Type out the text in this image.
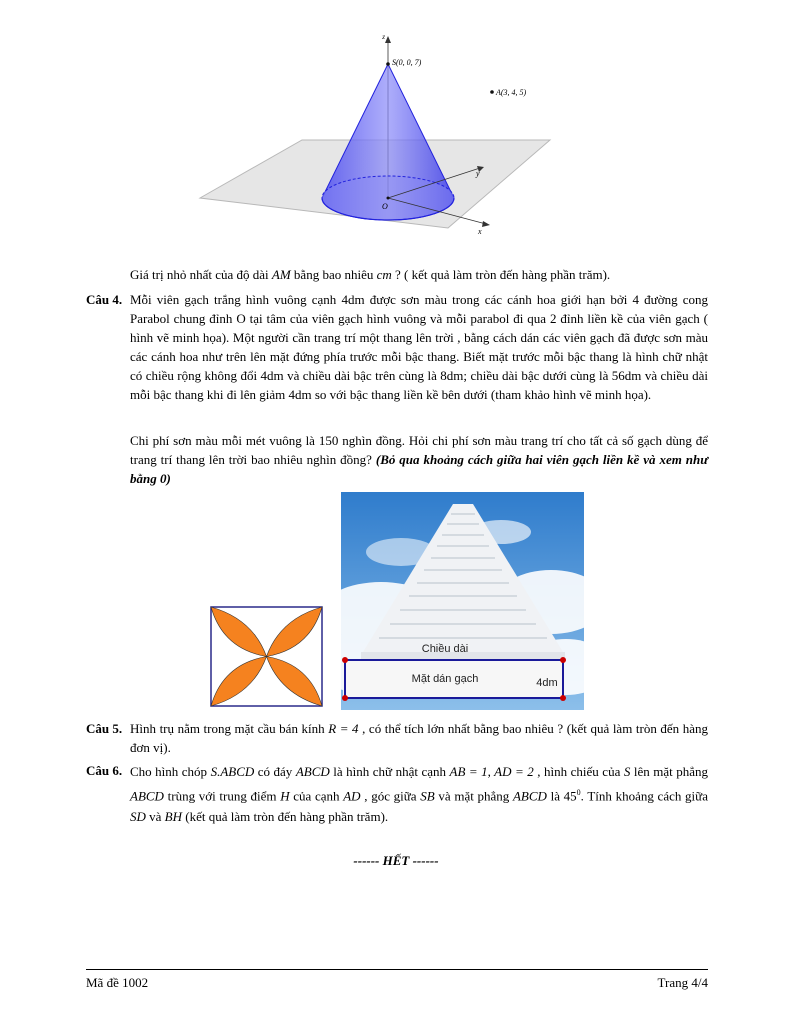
z
y
x
S(0, 0, 7)
O
A(3, 4, 5)
Giá trị nhỏ nhất của độ dài AM bằng bao nhiêu cm ? ( kết quả làm tròn đến hàng phần trăm).
Câu 4. Mỗi viên gạch trắng hình vuông cạnh 4dm được sơn màu trong các cánh hoa giới hạn bởi 4 đường cong Parabol chung đỉnh O tại tâm của viên gạch hình vuông và mỗi parabol đi qua 2 đỉnh liền kề của viên gạch ( hình vẽ minh họa). Một người cần trang trí một thang lên trời , bằng cách dán các viên gạch đã được sơn màu các cánh hoa như trên lên mặt đứng phía trước mỗi bậc thang. Biết mặt trước mỗi bậc thang là hình chữ nhật có chiều rộng không đổi 4dm và chiều dài bậc trên cùng là 8dm; chiều dài bậc dưới cùng là 56dm và chiều dài mỗi bậc thang khi đi lên giảm 4dm so với bậc thang liền kề bên dưới (tham khảo hình vẽ minh họa).
Chi phí sơn màu mỗi mét vuông là 150 nghìn đồng. Hỏi chi phí sơn màu trang trí cho tất cả số gạch dùng để trang trí thang lên trời bao nhiêu nghìn đồng? (Bỏ qua khoảng cách giữa hai viên gạch liền kề và xem như bằng 0)
Chiều dài
Mặt dán gạch	4dm
Câu 5. Hình trụ nằm trong mặt cầu bán kính R = 4 , có thể tích lớn nhất bằng bao nhiêu ? (kết quả làm tròn đến hàng đơn vị).
Câu 6. Cho hình chóp S.ABCD có đáy ABCD là hình chữ nhật cạnh AB = 1, AD = 2 , hình chiếu của S lên mặt phẳng ABCD trùng với trung điểm H của cạnh AD , góc giữa SB và mặt phẳng ABCD là $45^0$. Tính khoảng cách giữa SD và BH (kết quả làm tròn đến hàng phần trăm).
------ HẾT ------
Mã đề 1002	Trang 4/4
